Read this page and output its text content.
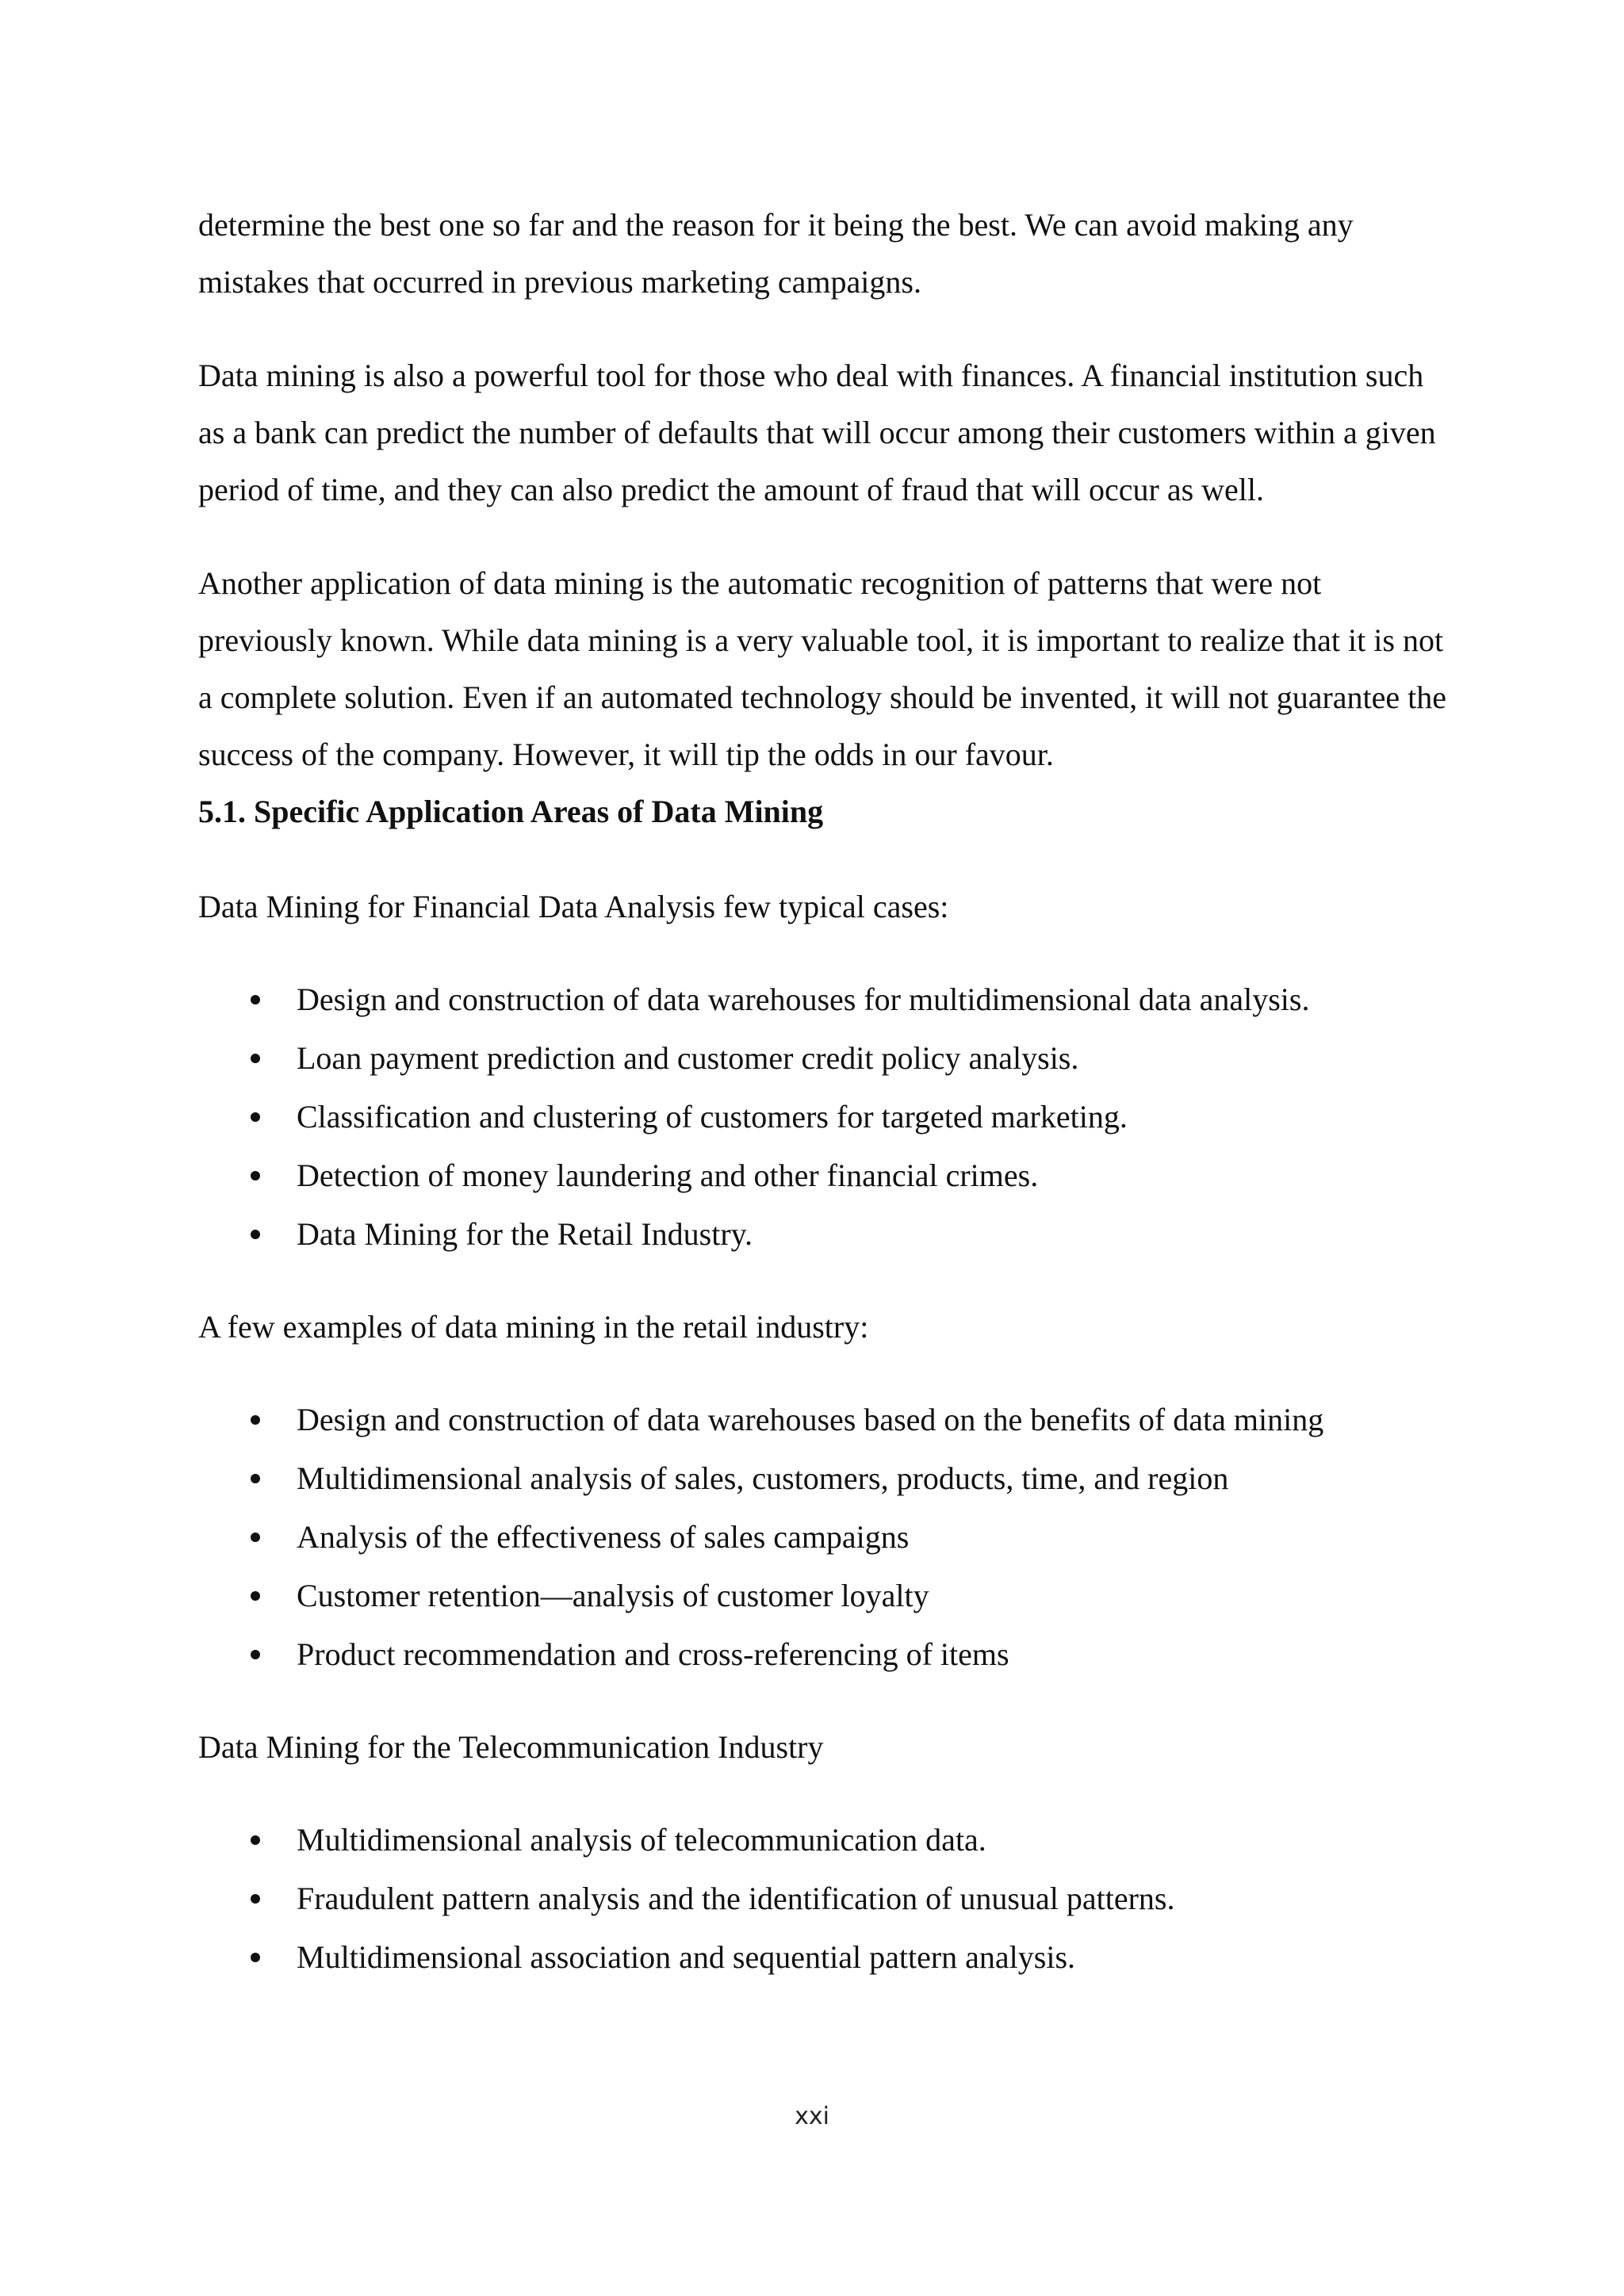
determine the best one so far and the reason for it being the best. We can avoid making any mistakes that occurred in previous marketing campaigns.

Data mining is also a powerful tool for those who deal with finances. A financial institution such as a bank can predict the number of defaults that will occur among their customers within a given period of time, and they can also predict the amount of fraud that will occur as well.

Another application of data mining is the automatic recognition of patterns that were not previously known. While data mining is a very valuable tool, it is important to realize that it is not a complete solution. Even if an automated technology should be invented, it will not guarantee the success of the company. However, it will tip the odds in our favour.

5.1. Specific Application Areas of Data Mining

Data Mining for Financial Data Analysis few typical cases:

Design and construction of data warehouses for multidimensional data analysis.
Loan payment prediction and customer credit policy analysis.
Classification and clustering of customers for targeted marketing.
Detection of money laundering and other financial crimes.
Data Mining for the Retail Industry.

A few examples of data mining in the retail industry:

Design and construction of data warehouses based on the benefits of data mining
Multidimensional analysis of sales, customers, products, time, and region
Analysis of the effectiveness of sales campaigns
Customer retention—analysis of customer loyalty
Product recommendation and cross-referencing of items

Data Mining for the Telecommunication Industry

Multidimensional analysis of telecommunication data.
Fraudulent pattern analysis and the identification of unusual patterns.
Multidimensional association and sequential pattern analysis.
xxi
